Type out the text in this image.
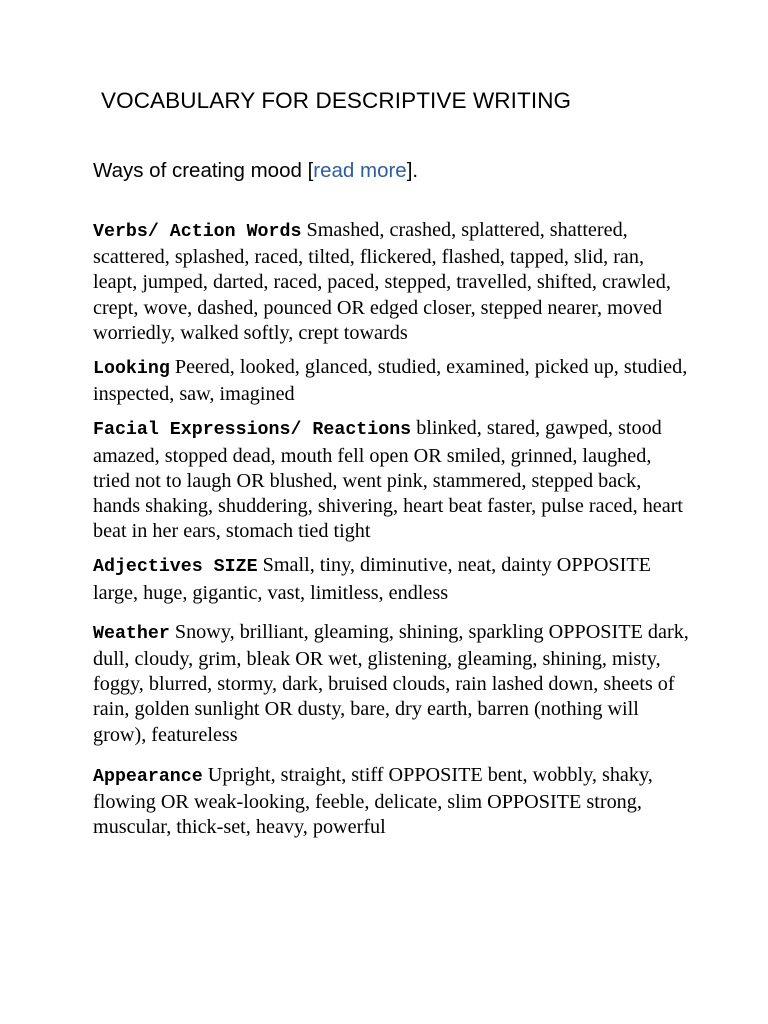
VOCABULARY FOR DESCRIPTIVE WRITING

Ways of creating mood [read more].

Verbs/ Action Words Smashed, crashed, splattered, shattered, scattered, splashed, raced, tilted, flickered, flashed, tapped, slid, ran, leapt, jumped, darted, raced, paced, stepped, travelled, shifted, crawled, crept, wove, dashed, pounced OR edged closer, stepped nearer, moved worriedly, walked softly, crept towards

Looking Peered, looked, glanced, studied, examined, picked up, studied, inspected, saw, imagined

Facial Expressions/ Reactions blinked, stared, gawped, stood amazed, stopped dead, mouth fell open OR smiled, grinned, laughed, tried not to laugh OR blushed, went pink, stammered, stepped back, hands shaking, shuddering, shivering, heart beat faster, pulse raced, heart beat in her ears, stomach tied tight

Adjectives SIZE Small, tiny, diminutive, neat, dainty OPPOSITE large, huge, gigantic, vast, limitless, endless

Weather Snowy, brilliant, gleaming, shining, sparkling OPPOSITE dark, dull, cloudy, grim, bleak OR wet, glistening, gleaming, shining, misty, foggy, blurred, stormy, dark, bruised clouds, rain lashed down, sheets of rain, golden sunlight OR dusty, bare, dry earth, barren (nothing will grow), featureless

Appearance Upright, straight, stiff OPPOSITE bent, wobbly, shaky, flowing OR weak-looking, feeble, delicate, slim OPPOSITE strong, muscular, thick-set, heavy, powerful
